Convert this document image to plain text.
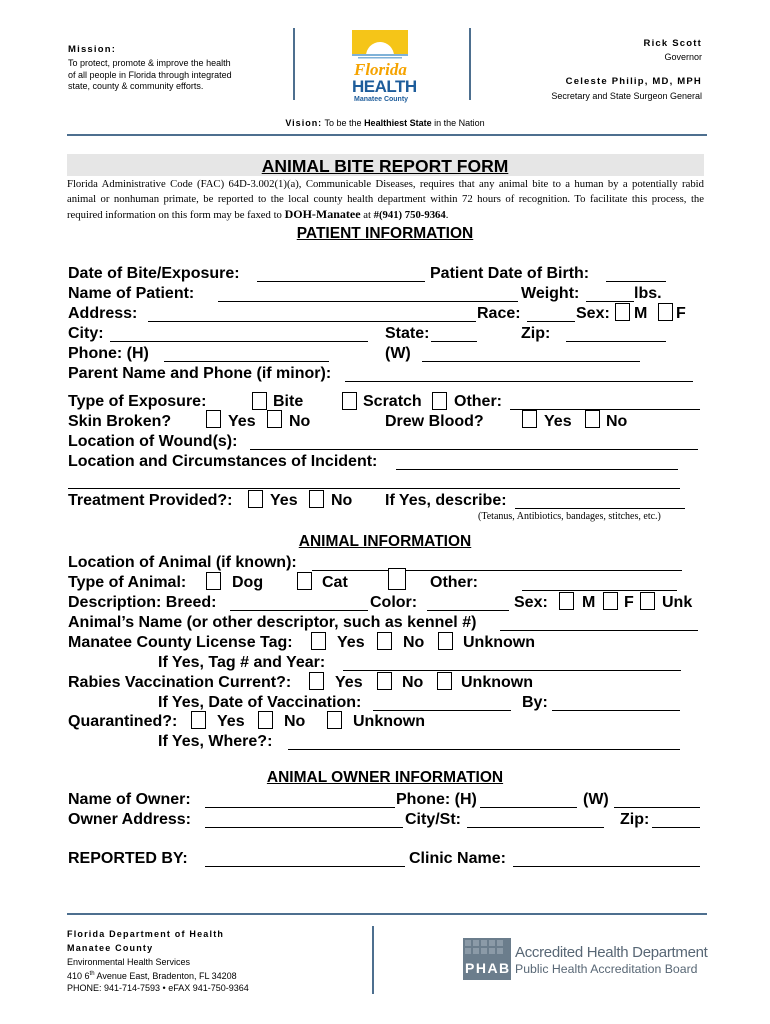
Mission:
To protect, promote & improve the health
of all people in Florida through integrated
state, county & community efforts.
Florida
HEALTH
Manatee County
Rick Scott
Governor
Celeste Philip, MD, MPH
Secretary and State Surgeon General
Vision: To be the Healthiest State in the Nation
ANIMAL BITE REPORT FORM
Florida Administrative Code (FAC) 64D-3.002(1)(a), Communicable Diseases, requires that any animal bite to a human by a potentially rabid animal or nonhuman primate, be reported to the local county health department within 72 hours of recognition. To facilitate this process, the required information on this form may be faxed to DOH-Manatee at #(941) 750-9364.
PATIENT INFORMATION
Date of Bite/Exposure:	Patient Date of Birth:
Name of Patient:	Weight:	lbs.
Address:	Race:	Sex: M F
City:	State:	Zip:
Phone: (H)	(W)
Parent Name and Phone (if minor):
Type of Exposure:	Bite	Scratch Other:
Skin Broken?	Yes No	Drew Blood?	Yes No
Location of Wound(s):
Location and Circumstances of Incident:
Treatment Provided?: Yes No If Yes, describe:
(Tetanus, Antibiotics, bandages, stitches, etc.)
ANIMAL INFORMATION
Location of Animal (if known):
Type of Animal:	Dog	Cat	Other:
Description: Breed:	Color:	Sex: M F Unk
Animal’s Name (or other descriptor, such as kennel #)
Manatee County License Tag:	Yes No Unknown
If Yes, Tag # and Year:
Rabies Vaccination Current?:	Yes No Unknown
If Yes, Date of Vaccination:	By:
Quarantined?: Yes No	Unknown
If Yes, Where?:
ANIMAL OWNER INFORMATION
Name of Owner:	Phone: (H)	(W)
Owner Address:	City/St:	Zip:
REPORTED BY:	Clinic Name:
Florida Department of Health
Manatee County
Environmental Health Services
410 6th Avenue East, Bradenton, FL 34208
PHONE: 941-714-7593 • eFAX 941-750-9364
PHAB
Accredited Health Department
Public Health Accreditation Board
